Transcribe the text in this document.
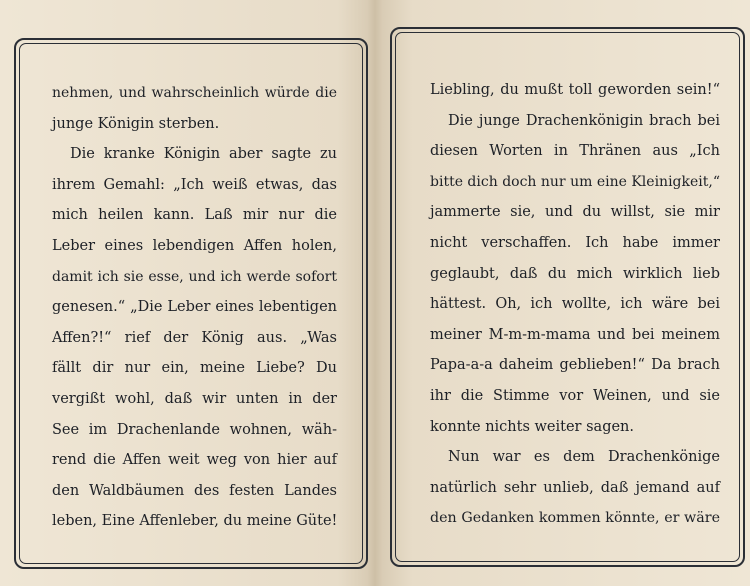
nehmen, und wahrscheinlich würde die
junge Königin sterben.
Die kranke Königin aber sagte zu
ihrem Gemahl: „Ich weiß etwas, das
mich heilen kann. Laß mir nur die
Leber eines lebendigen Affen holen,
damit ich sie esse, und ich werde sofort
genesen.“ „Die Leber eines lebentigen
Affen?!“ rief der König aus. „Was
fällt dir nur ein, meine Liebe? Du
vergißt wohl, daß wir unten in der
See im Drachenlande wohnen, wäh-
rend die Affen weit weg von hier auf
den Waldbäumen des festen Landes
leben, Eine Affenleber, du meine Güte!
Liebling, du mußt toll geworden sein!“
Die junge Drachenkönigin brach bei
diesen Worten in Thränen aus „Ich
bitte dich doch nur um eine Kleinigkeit,“
jammerte sie, und du willst, sie mir
nicht verschaffen. Ich habe immer
geglaubt, daß du mich wirklich lieb
hättest. Oh, ich wollte, ich wäre bei
meiner M-m-m-mama und bei meinem
Papa-a-a daheim geblieben!“ Da brach
ihr die Stimme vor Weinen, und sie
konnte nichts weiter sagen.
Nun war es dem Drachenkönige
natürlich sehr unlieb, daß jemand auf
den Gedanken kommen könnte, er wäre
